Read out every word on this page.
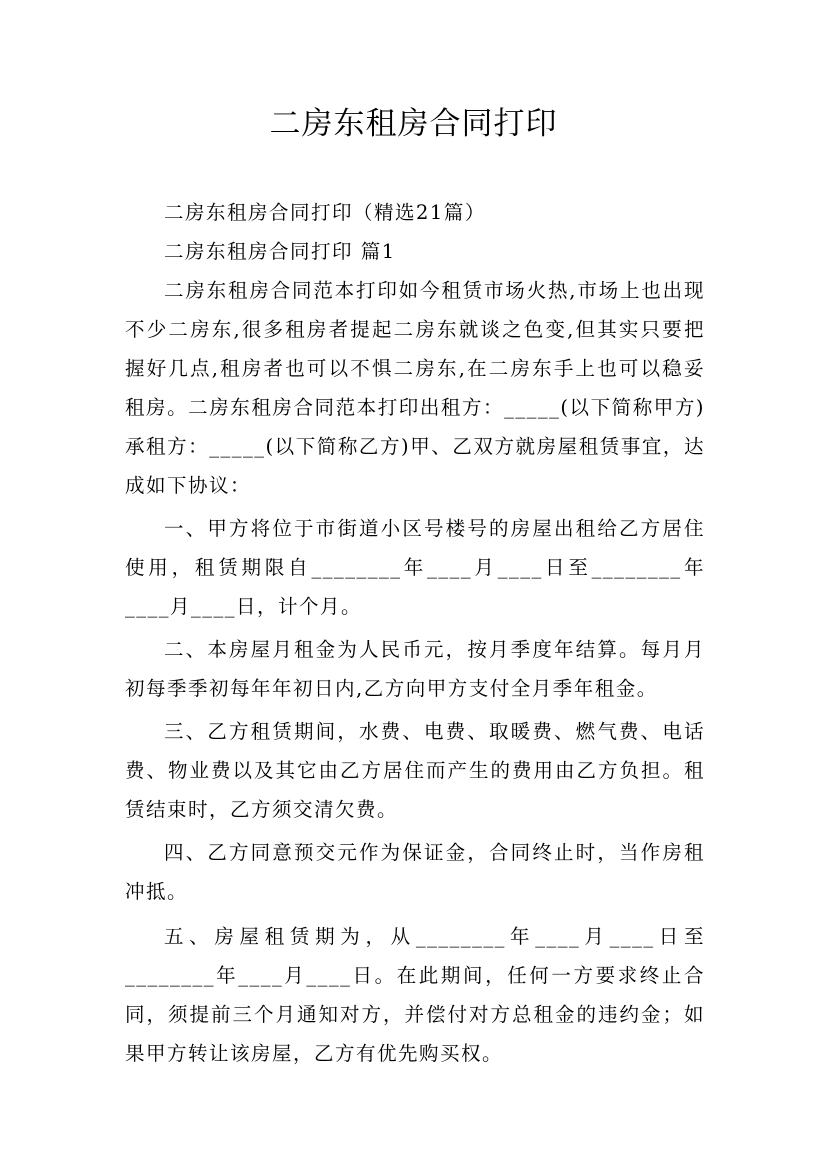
二房东租房合同打印

二房东租房合同打印（精选21篇）

二房东租房合同打印 篇1

二房东租房合同范本打印如今租赁市场火热,市场上也出现不少二房东,很多租房者提起二房东就谈之色变,但其实只要把握好几点,租房者也可以不惧二房东,在二房东手上也可以稳妥租房。二房东租房合同范本打印出租方：_____(以下简称甲方)承租方：_____(以下简称乙方)甲、乙双方就房屋租赁事宜，达成如下协议：

一、甲方将位于市街道小区号楼号的房屋出租给乙方居住使用，租赁期限自________年____月____日至________年____月____日，计个月。

二、本房屋月租金为人民币元，按月季度年结算。每月月初每季季初每年年初日内,乙方向甲方支付全月季年租金。

三、乙方租赁期间，水费、电费、取暖费、燃气费、电话费、物业费以及其它由乙方居住而产生的费用由乙方负担。租赁结束时，乙方须交清欠费。

四、乙方同意预交元作为保证金，合同终止时，当作房租冲抵。

五、房屋租赁期为，从________年____月____日至________年____月____日。在此期间，任何一方要求终止合同，须提前三个月通知对方，并偿付对方总租金的违约金；如果甲方转让该房屋，乙方有优先购买权。
